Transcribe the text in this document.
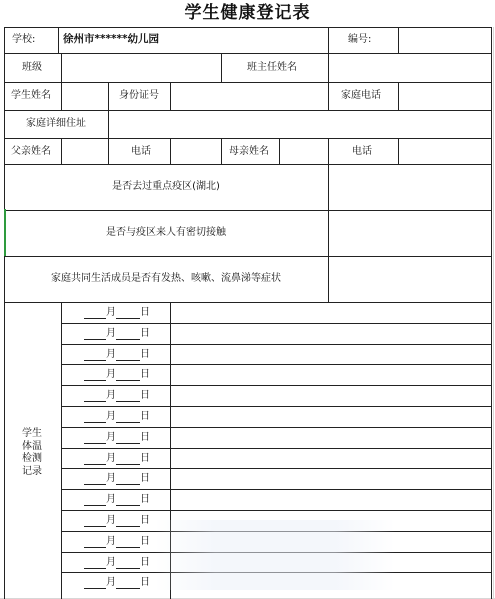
学生健康登记表
学校:	徐州市******幼儿园	编号:
班级	班主任姓名
学生姓名	身份证号	家庭电话
家庭详细住址
父亲姓名	电话	母亲姓名	电话
是否去过重点疫区(湖北)
是否与疫区来人有密切接触
家庭共同生活成员是否有发热、咳嗽、流鼻涕等症状
学生
体温
检测
记录
月 日
月 日
月 日
月 日
月 日
月 日
月 日
月 日
月 日
月 日
月 日
月 日
月 日
月 日
